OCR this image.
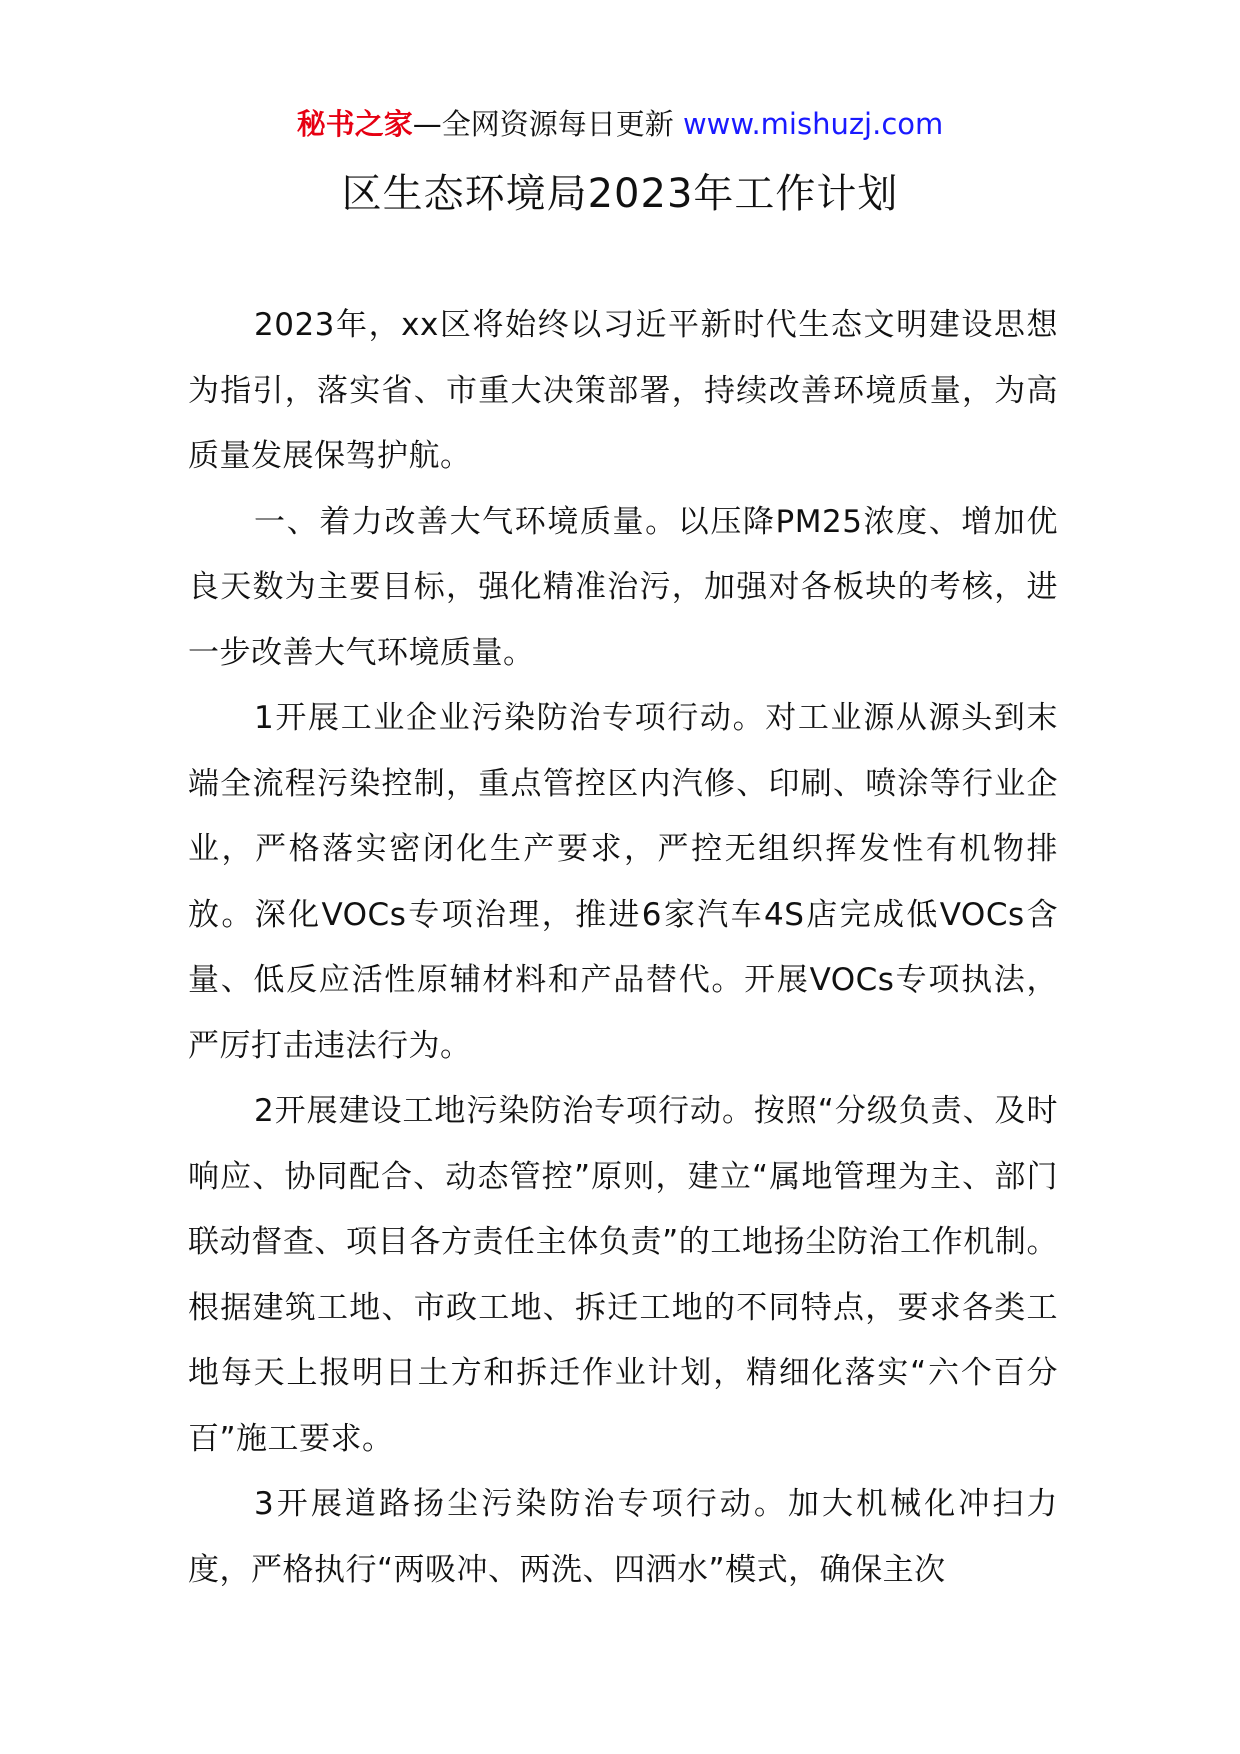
秘书之家—全网资源每日更新 www.mishuzj.com
区生态环境局2023年工作计划

2023年，xx区将始终以习近平新时代生态文明建设思想为指引，落实省、市重大决策部署，持续改善环境质量，为高质量发展保驾护航。

一、着力改善大气环境质量。以压降PM25浓度、增加优良天数为主要目标，强化精准治污，加强对各板块的考核，进一步改善大气环境质量。

1开展工业企业污染防治专项行动。对工业源从源头到末端全流程污染控制，重点管控区内汽修、印刷、喷涂等行业企业，严格落实密闭化生产要求，严控无组织挥发性有机物排放。深化VOCs专项治理，推进6家汽车4S店完成低VOCs含量、低反应活性原辅材料和产品替代。开展VOCs专项执法，严厉打击违法行为。

2开展建设工地污染防治专项行动。按照“分级负责、及时响应、协同配合、动态管控”原则，建立“属地管理为主、部门联动督查、项目各方责任主体负责”的工地扬尘防治工作机制。根据建筑工地、市政工地、拆迁工地的不同特点，要求各类工地每天上报明日土方和拆迁作业计划，精细化落实“六个百分百”施工要求。

3开展道路扬尘污染防治专项行动。加大机械化冲扫力度，严格执行“两吸冲、两洗、四洒水”模式，确保主次
